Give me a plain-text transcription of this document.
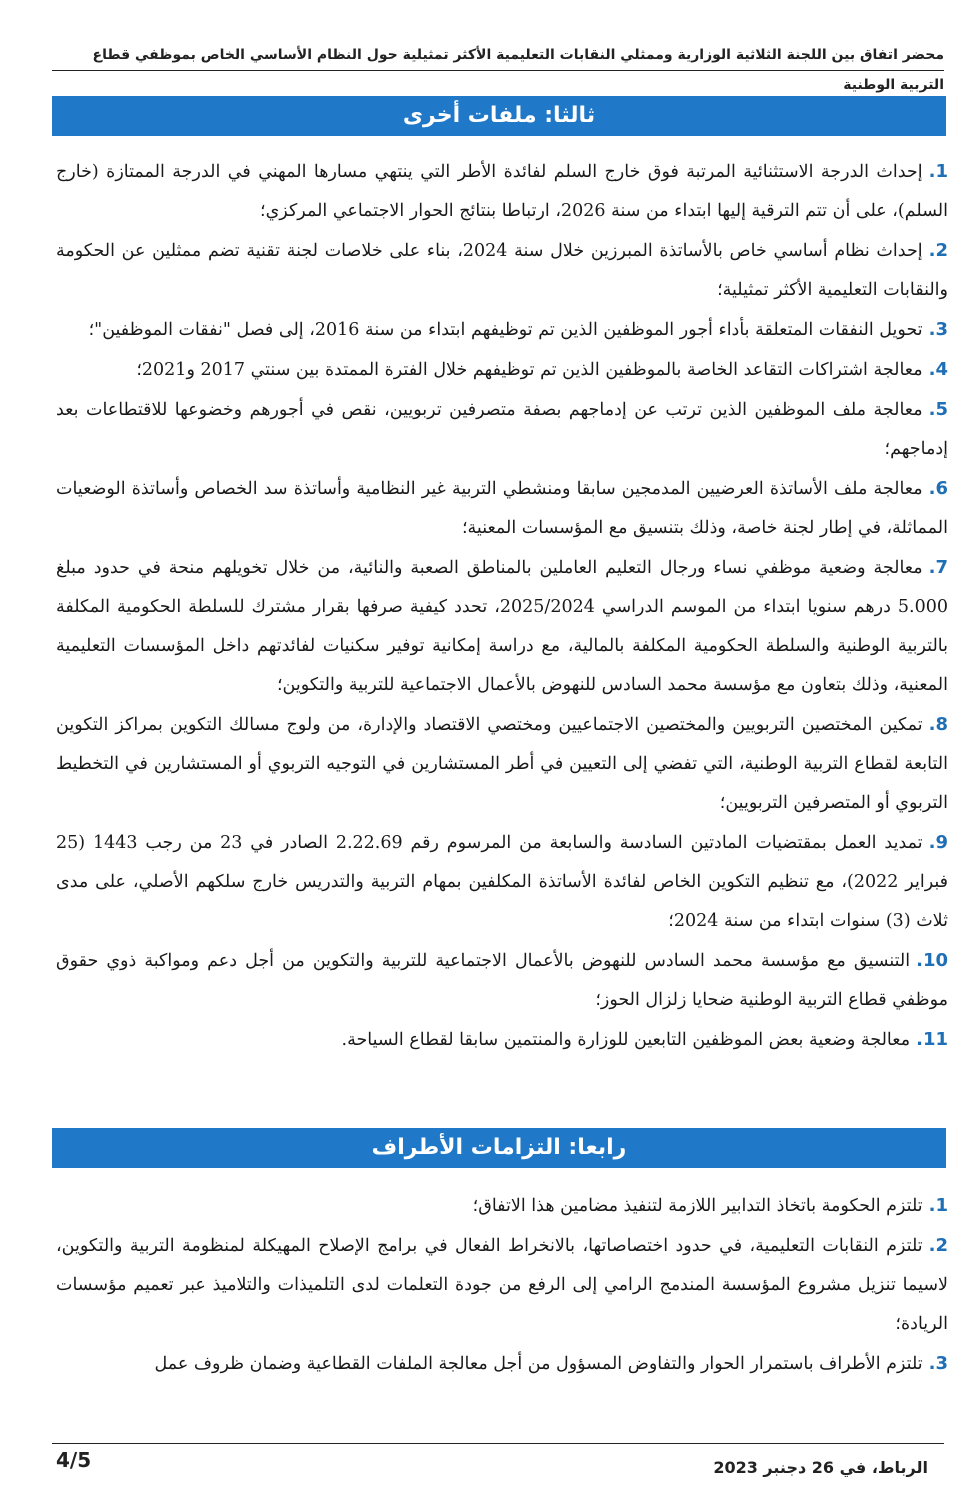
محضر اتفاق بين اللجنة الثلاثية الوزارية وممثلي النقابات التعليمية الأكثر تمثيلية حول النظام الأساسي الخاص بموظفي قطاع التربية الوطنية
ثالثا: ملفات أخرى
1.إحداث الدرجة الاستثنائية المرتبة فوق خارج السلم لفائدة الأطر التي ينتهي مسارها المهني في الدرجة الممتازة (خارج السلم)، على أن تتم الترقية إليها ابتداء من سنة 2026، ارتباطا بنتائج الحوار الاجتماعي المركزي؛
2.إحداث نظام أساسي خاص بالأساتذة المبرزين خلال سنة 2024، بناء على خلاصات لجنة تقنية تضم ممثلين عن الحكومة والنقابات التعليمية الأكثر تمثيلية؛
3.تحويل النفقات المتعلقة بأداء أجور الموظفين الذين تم توظيفهم ابتداء من سنة 2016، إلى فصل "نفقات الموظفين"؛
4.معالجة اشتراكات التقاعد الخاصة بالموظفين الذين تم توظيفهم خلال الفترة الممتدة بين سنتي 2017 و2021؛
5.معالجة ملف الموظفين الذين ترتب عن إدماجهم بصفة متصرفين تربويين، نقص في أجورهم وخضوعها للاقتطاعات بعد إدماجهم؛
6.معالجة ملف الأساتذة العرضيين المدمجين سابقا ومنشطي التربية غير النظامية وأساتذة سد الخصاص وأساتذة الوضعيات المماثلة، في إطار لجنة خاصة، وذلك بتنسيق مع المؤسسات المعنية؛
7.معالجة وضعية موظفي نساء ورجال التعليم العاملين بالمناطق الصعبة والنائية، من خلال تخويلهم منحة في حدود مبلغ 5.000 درهم سنويا ابتداء من الموسم الدراسي 2025/2024، تحدد كيفية صرفها بقرار مشترك للسلطة الحكومية المكلفة بالتربية الوطنية والسلطة الحكومية المكلفة بالمالية، مع دراسة إمكانية توفير سكنيات لفائدتهم داخل المؤسسات التعليمية المعنية، وذلك بتعاون مع مؤسسة محمد السادس للنهوض بالأعمال الاجتماعية للتربية والتكوين؛
8.تمكين المختصين التربويين والمختصين الاجتماعيين ومختصي الاقتصاد والإدارة، من ولوج مسالك التكوين بمراكز التكوين التابعة لقطاع التربية الوطنية، التي تفضي إلى التعيين في أطر المستشارين في التوجيه التربوي أو المستشارين في التخطيط التربوي أو المتصرفين التربويين؛
9.تمديد العمل بمقتضيات المادتين السادسة والسابعة من المرسوم رقم 2.22.69 الصادر في 23 من رجب 1443 (25 فبراير 2022)، مع تنظيم التكوين الخاص لفائدة الأساتذة المكلفين بمهام التربية والتدريس خارج سلكهم الأصلي، على مدى ثلاث (3) سنوات ابتداء من سنة 2024؛
10.التنسيق مع مؤسسة محمد السادس للنهوض بالأعمال الاجتماعية للتربية والتكوين من أجل دعم ومواكبة ذوي حقوق موظفي قطاع التربية الوطنية ضحايا زلزال الحوز؛
11.معالجة وضعية بعض الموظفين التابعين للوزارة والمنتمين سابقا لقطاع السياحة.
رابعا: التزامات الأطراف
1.تلتزم الحكومة باتخاذ التدابير اللازمة لتنفيذ مضامين هذا الاتفاق؛
2.تلتزم النقابات التعليمية، في حدود اختصاصاتها، بالانخراط الفعال في برامج الإصلاح المهيكلة لمنظومة التربية والتكوين، لاسيما تنزيل مشروع المؤسسة المندمج الرامي إلى الرفع من جودة التعلمات لدى التلميذات والتلاميذ عبر تعميم مؤسسات الريادة؛
3.تلتزم الأطراف باستمرار الحوار والتفاوض المسؤول من أجل معالجة الملفات القطاعية وضمان ظروف عمل
الرباط، في 26 دجنبر 2023
4/5
